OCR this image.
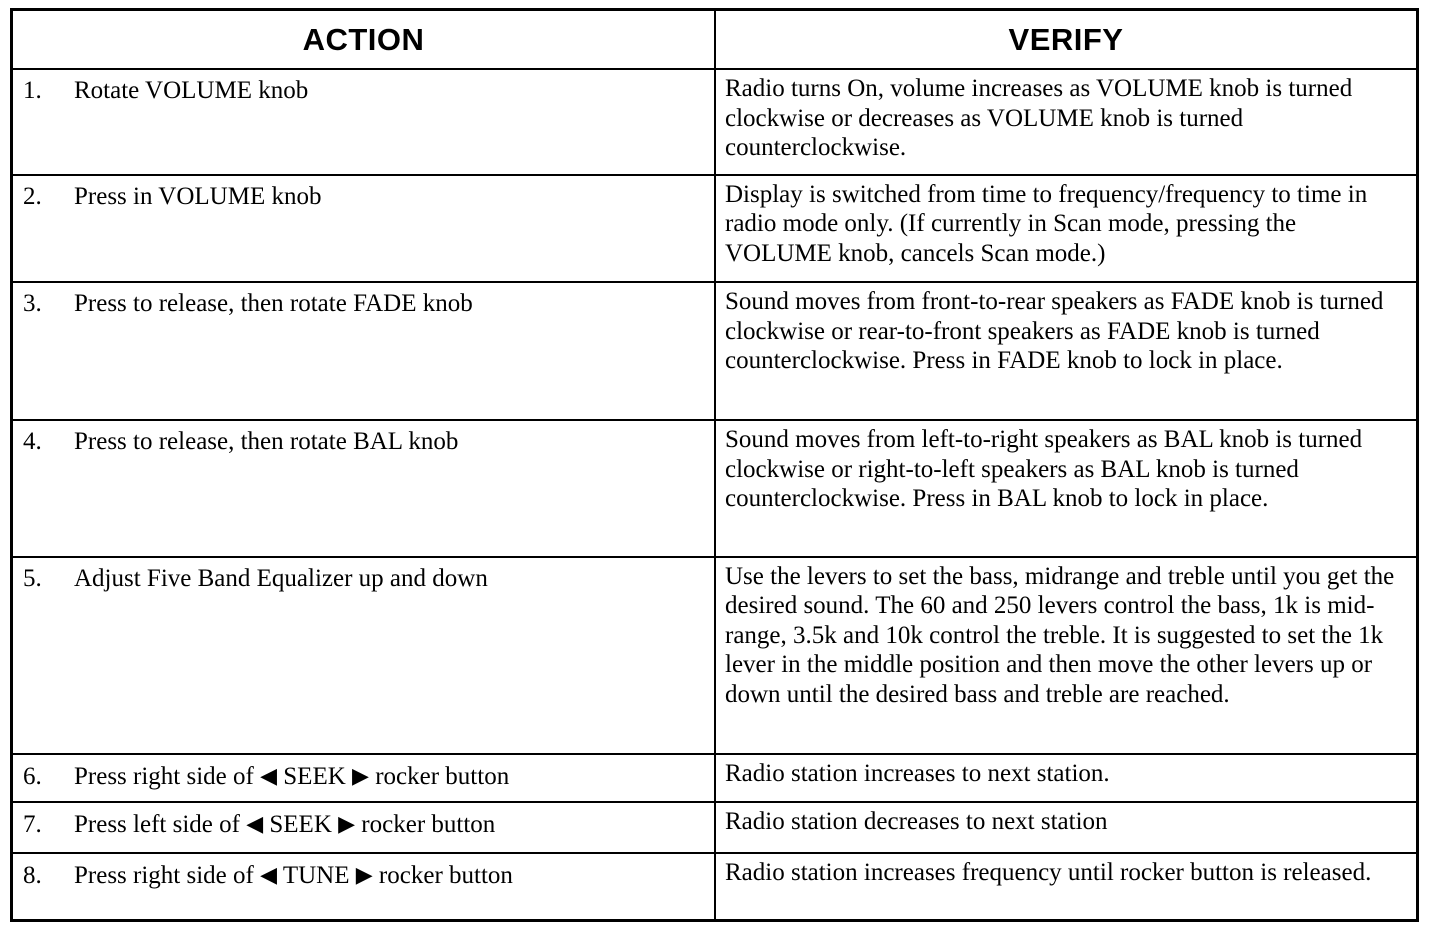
ACTION	VERIFY
1. Rotate VOLUME knob	Radio turns On, volume increases as VOLUME knob is turned clockwise or decreases as VOLUME knob is turned counterclockwise.
2. Press in VOLUME knob	Display is switched from time to frequency/frequency to time in radio mode only. (If currently in Scan mode, pressing the VOLUME knob, cancels Scan mode.)
3. Press to release, then rotate FADE knob	Sound moves from front-to-rear speakers as FADE knob is turned clockwise or rear-to-front speakers as FADE knob is turned counterclockwise. Press in FADE knob to lock in place.
4. Press to release, then rotate BAL knob	Sound moves from left-to-right speakers as BAL knob is turned clockwise or right-to-left speakers as BAL knob is turned counterclockwise. Press in BAL knob to lock in place.
5. Adjust Five Band Equalizer up and down	Use the levers to set the bass, midrange and treble until you get the desired sound. The 60 and 250 levers control the bass, 1k is mid-range, 3.5k and 10k control the treble. It is suggested to set the 1k lever in the middle position and then move the other levers up or down until the desired bass and treble are reached.
6. Press right side of ◀ SEEK ▶ rocker button	Radio station increases to next station.
7. Press left side of ◀ SEEK ▶ rocker button	Radio station decreases to next station
8. Press right side of ◀ TUNE ▶ rocker button	Radio station increases frequency until rocker button is released.
